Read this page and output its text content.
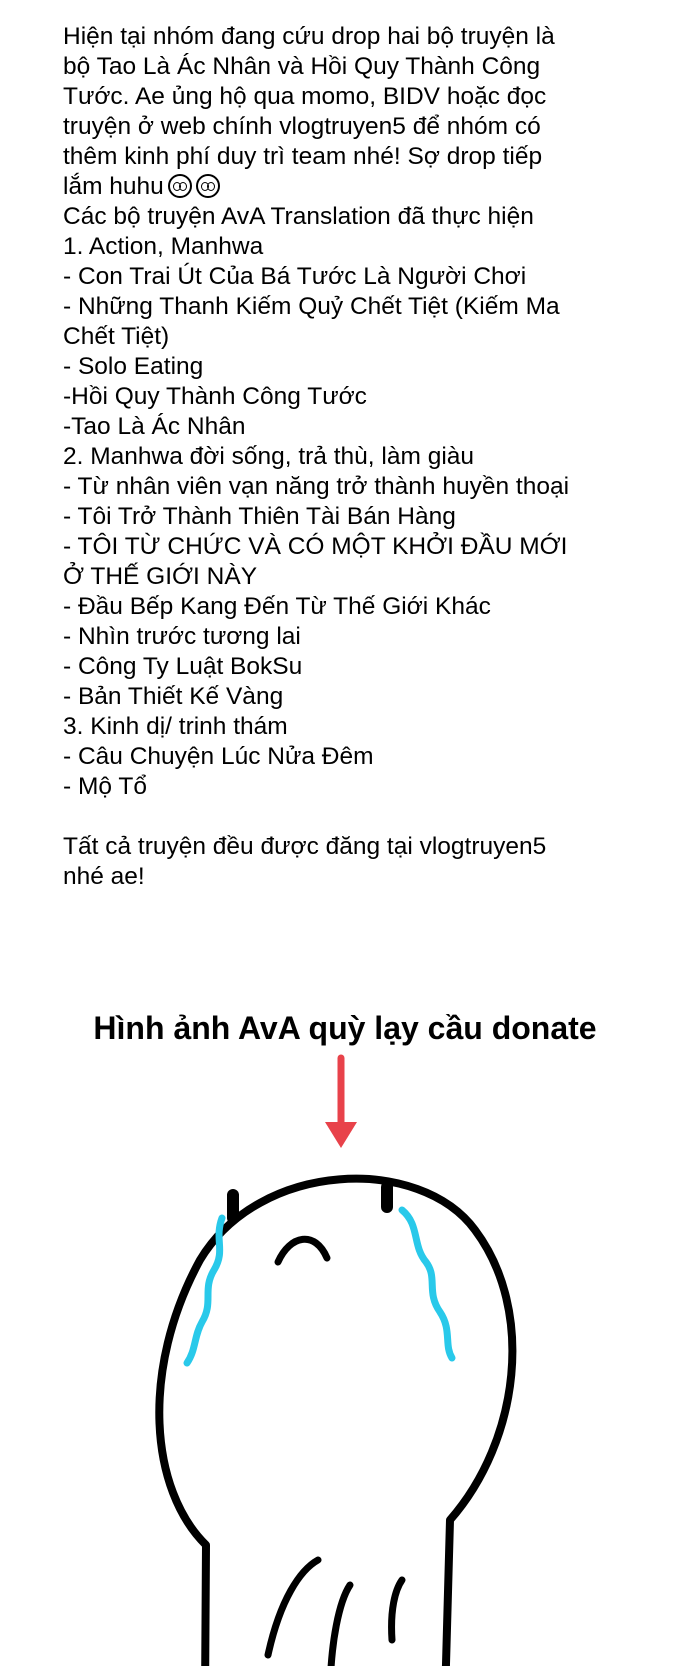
Hiện tại nhóm đang cứu drop hai bộ truyện là
bộ Tao Là Ác Nhân và Hồi Quy Thành Công
Tước. Ae ủng hộ qua momo, BIDV hoặc đọc
truyện ở web chính vlogtruyen5 để nhóm có
thêm kinh phí duy trì team nhé! Sợ drop tiếp
lắm huhu
Các bộ truyện AvA Translation đã thực hiện
1. Action, Manhwa
- Con Trai Út Của Bá Tước Là Người Chơi
- Những Thanh Kiếm Quỷ Chết Tiệt (Kiếm Ma
Chết Tiệt)
- Solo Eating
-Hồi Quy Thành Công Tước
-Tao Là Ác Nhân
2. Manhwa đời sống, trả thù, làm giàu
- Từ nhân viên vạn năng trở thành huyền thoại
- Tôi Trở Thành Thiên Tài Bán Hàng
- TÔI TỪ CHỨC VÀ CÓ MỘT KHỞI ĐẦU MỚI
Ở THẾ GIỚI NÀY
- Đầu Bếp Kang Đến Từ Thế Giới Khác
- Nhìn trước tương lai
- Công Ty Luật BokSu
- Bản Thiết Kế Vàng
3. Kinh dị/ trinh thám
- Câu Chuyện Lúc Nửa Đêm
- Mộ Tổ
Tất cả truyện đều được đăng tại vlogtruyen5
nhé ae!
Hình ảnh AvA quỳ lạy cầu donate
